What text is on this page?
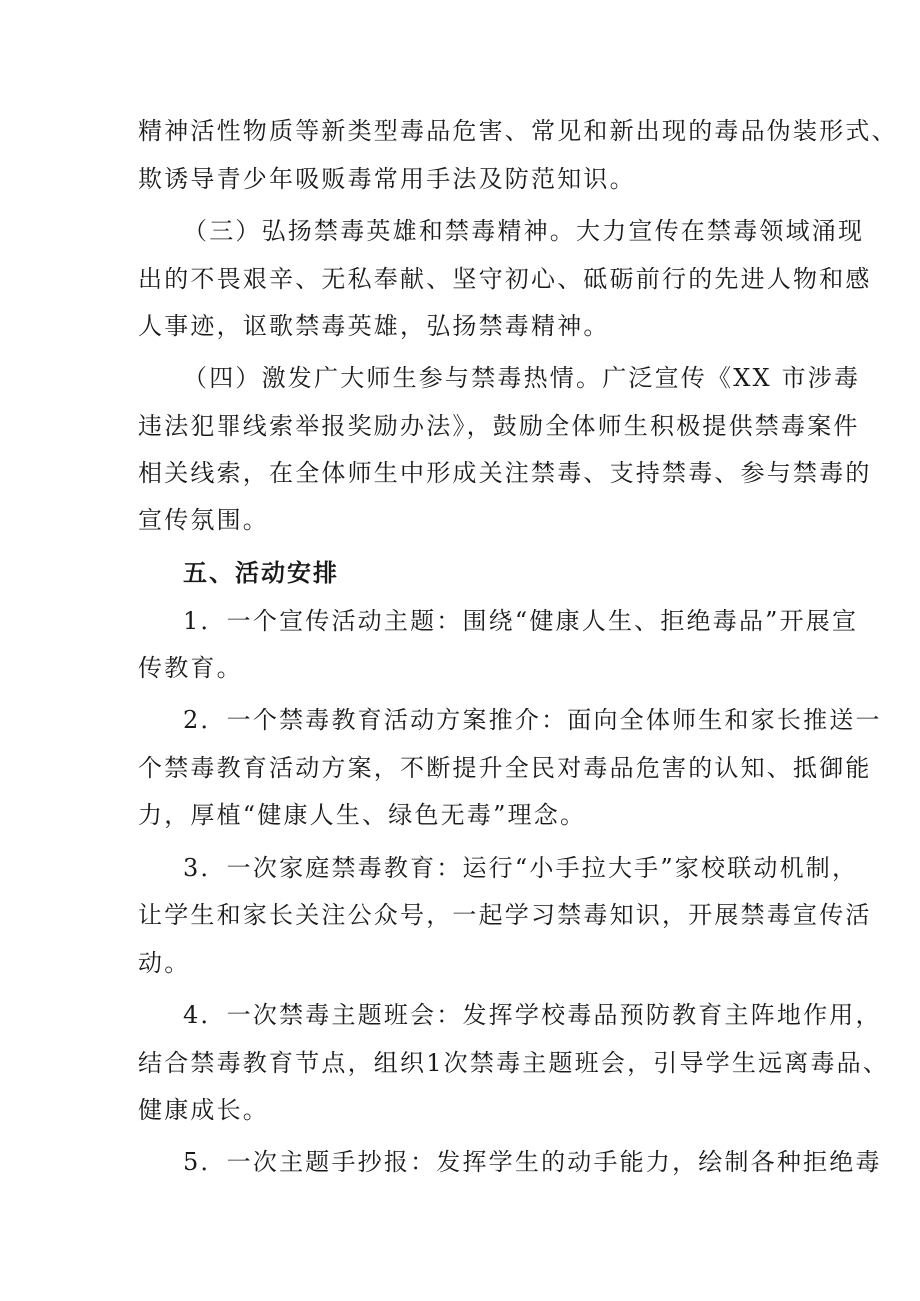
精神活性物质等新类型毒品危害、常见和新出现的毒品伪装形式、
欺诱导青少年吸贩毒常用手法及防范知识。
（三）弘扬禁毒英雄和禁毒精神。大力宣传在禁毒领域涌现
出的不畏艰辛、无私奉献、坚守初心、砥砺前行的先进人物和感
人事迹，讴歌禁毒英雄，弘扬禁毒精神。
（四）激发广大师生参与禁毒热情。广泛宣传《XX 市涉毒
违法犯罪线索举报奖励办法》，鼓励全体师生积极提供禁毒案件
相关线索，在全体师生中形成关注禁毒、支持禁毒、参与禁毒的
宣传氛围。
五、活动安排
1．一个宣传活动主题：围绕“健康人生、拒绝毒品”开展宣
传教育。
2．一个禁毒教育活动方案推介：面向全体师生和家长推送一
个禁毒教育活动方案，不断提升全民对毒品危害的认知、抵御能
力，厚植“健康人生、绿色无毒”理念。
3．一次家庭禁毒教育：运行“小手拉大手”家校联动机制，
让学生和家长关注公众号，一起学习禁毒知识，开展禁毒宣传活
动。
4．一次禁毒主题班会：发挥学校毒品预防教育主阵地作用，
结合禁毒教育节点，组织1次禁毒主题班会，引导学生远离毒品、
健康成长。
5．一次主题手抄报：发挥学生的动手能力，绘制各种拒绝毒
